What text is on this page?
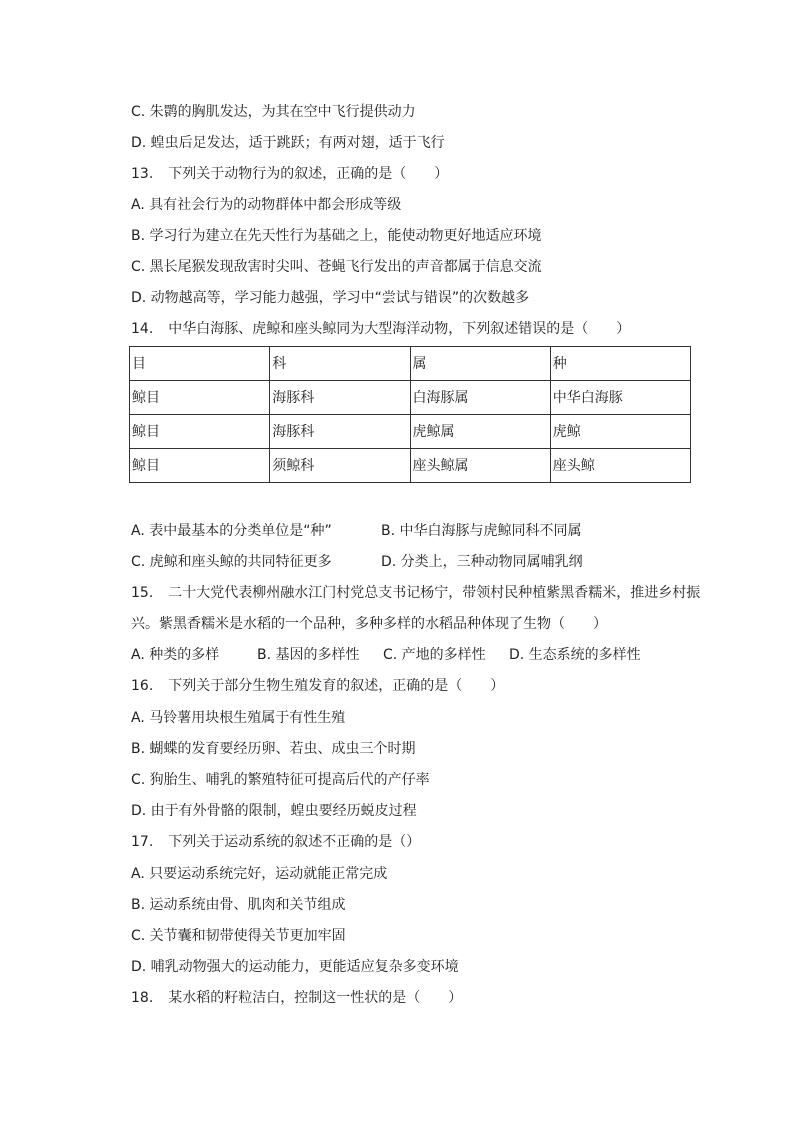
C. 朱鹮的胸肌发达，为其在空中飞行提供动力
D. 蝗虫后足发达，适于跳跃；有两对翅，适于飞行
13. 下列关于动物行为的叙述，正确的是（　　）
A. 具有社会行为的动物群体中都会形成等级
B. 学习行为建立在先天性行为基础之上，能使动物更好地适应环境
C. 黑长尾猴发现敌害时尖叫、苍蝇飞行发出的声音都属于信息交流
D. 动物越高等，学习能力越强，学习中“尝试与错误”的次数越多
14. 中华白海豚、虎鲸和座头鲸同为大型海洋动物，下列叙述错误的是（　　）
目	科	属	种
鲸目	海豚科	白海豚属	中华白海豚
鲸目	海豚科	虎鲸属	虎鲸
鲸目	须鲸科	座头鲸属	座头鲸
A. 表中最基本的分类单位是“种”	B. 中华白海豚与虎鲸同科不同属
C. 虎鲸和座头鲸的共同特征更多	D. 分类上，三种动物同属哺乳纲
15. 二十大党代表柳州融水江门村党总支书记杨宁，带领村民种植紫黑香糯米，推进乡村振
兴。紫黑香糯米是水稻的一个品种，多种多样的水稻品种体现了生物（　　）
A. 种类的多样	B. 基因的多样性 C. 产地的多样性 D. 生态系统的多样性
16. 下列关于部分生物生殖发育的叙述，正确的是（　　）
A. 马铃薯用块根生殖属于有性生殖
B. 蝴蝶的发育要经历卵、若虫、成虫三个时期
C. 狗胎生、哺乳的繁殖特征可提高后代的产仔率
D. 由于有外骨骼的限制，蝗虫要经历蜕皮过程
17. 下列关于运动系统的叙述不正确的是（）
A. 只要运动系统完好，运动就能正常完成
B. 运动系统由骨、肌肉和关节组成
C. 关节囊和韧带使得关节更加牢固
D. 哺乳动物强大的运动能力，更能适应复杂多变环境
18. 某水稻的籽粒洁白，控制这一性状的是（　　）
